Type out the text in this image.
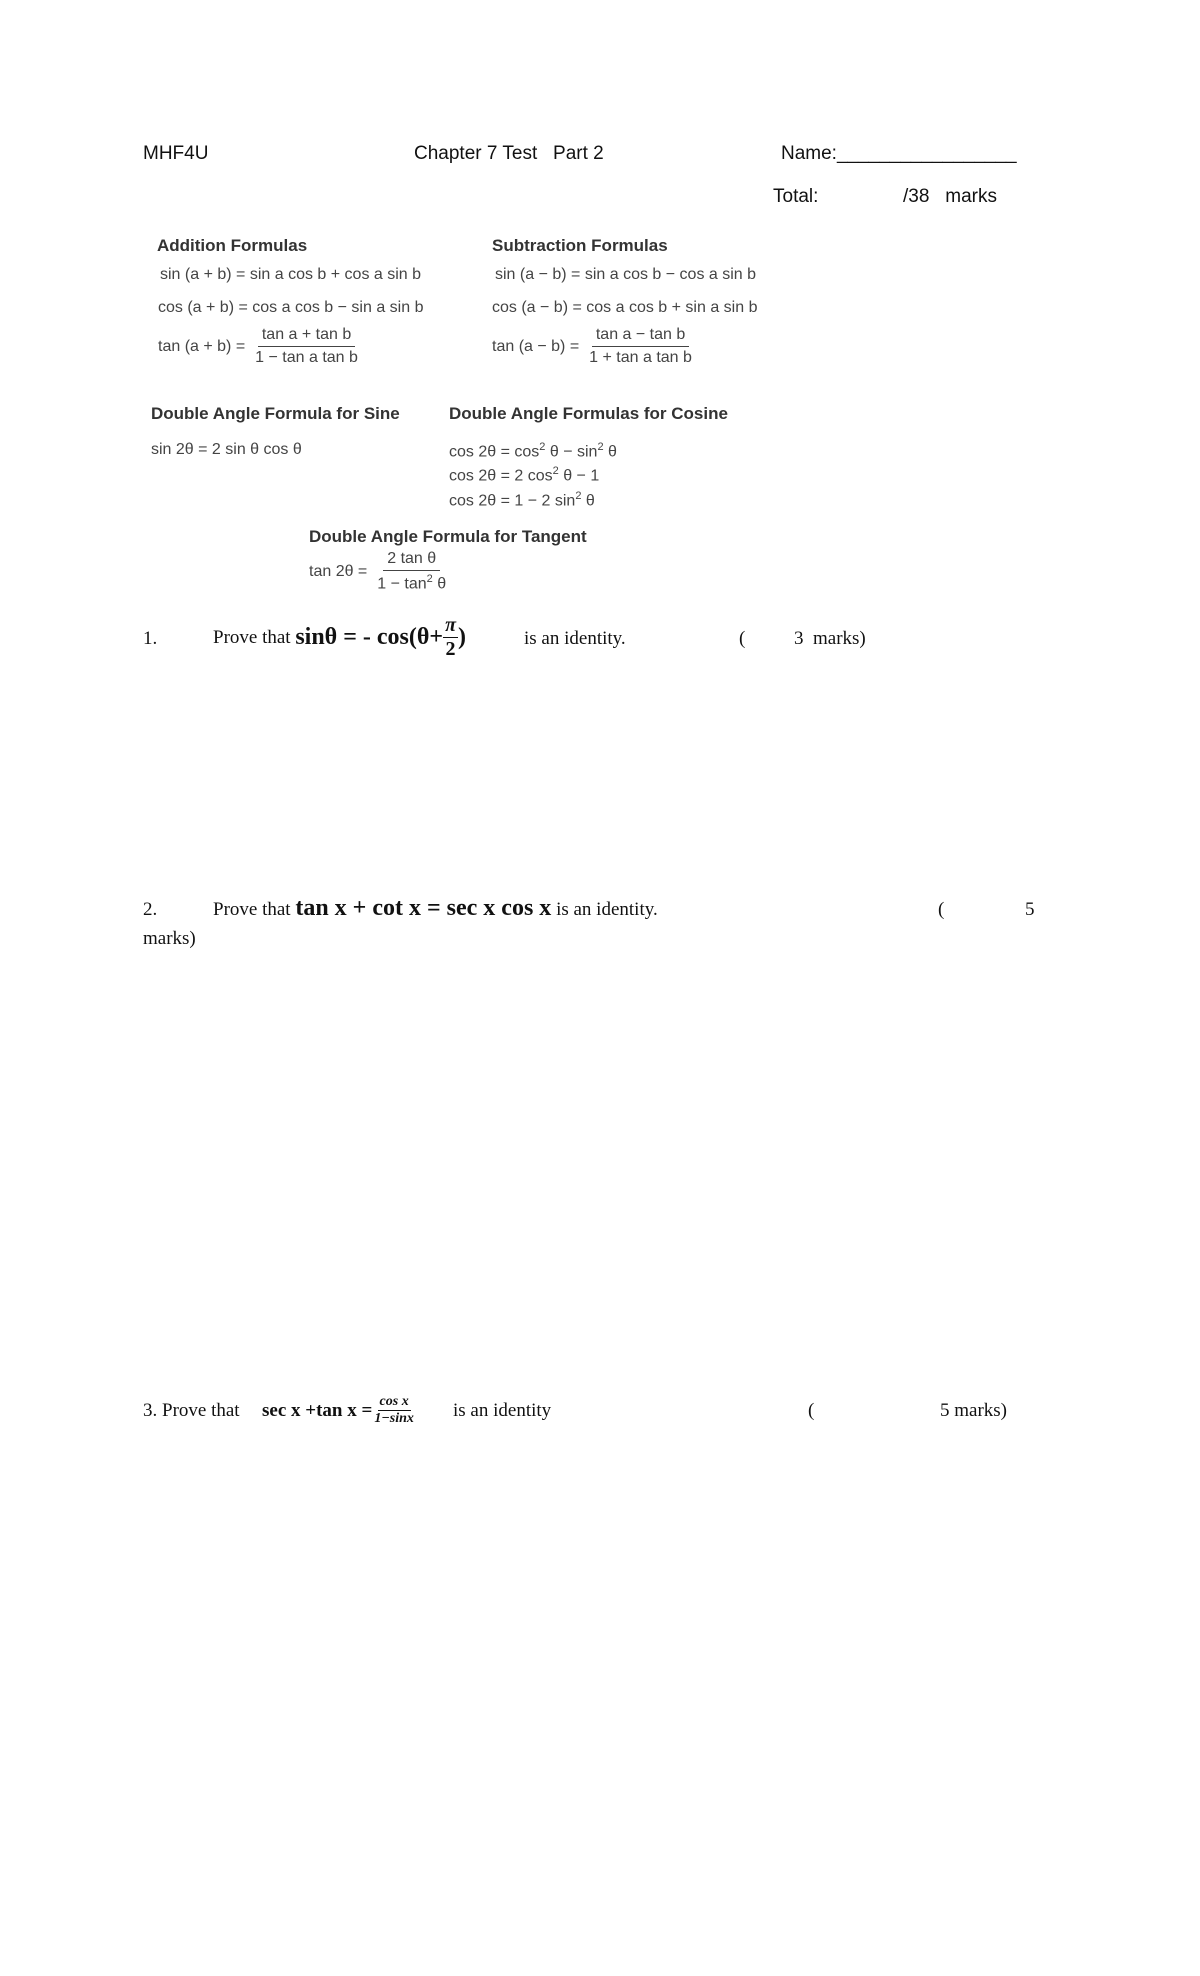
MHF4U	Chapter 7 Test   Part 2	Name:_________________
Total:	/38   marks
Addition Formulas
sin (a + b) = sin a cos b + cos a sin b
cos (a + b) = cos a cos b − sin a sin b
$\tan (a + b) = \frac{\text{tan a + tan b}}{\text{1 − tan a tan b}}$
Subtraction Formulas
sin (a − b) = sin a cos b − cos a sin b
cos (a − b) = cos a cos b + sin a sin b
$\tan (a - b) = \frac{\text{tan a − tan b}}{\text{1 + tan a tan b}}$
Double Angle Formula for Sine
sin 2θ = 2 sin θ cos θ
Double Angle Formulas for Cosine
$\cos 2\theta = \cos^2 \theta - \sin^2 \theta$
cos 2θ = 2 $\cos^2 \theta - 1$
cos 2θ = 1 − 2 $\sin^2 \theta$
Double Angle Formula for Tangent
$\tan 2\theta = \frac{\text{2 tan θ}}{1 - \tan^2 \theta}$
1.	Prove that sinθ = - $\cos(\theta+ \frac{\pi}{2}$ )	is an identity.	(	3  marks)
2.	Prove that tan x + cot x = sec x cos x is an identity.	(	5
marks)
3. Prove that sec x +tan $x = \frac{\text{cos x}}{1-\sin x}$ is an identity	(	5 marks)
